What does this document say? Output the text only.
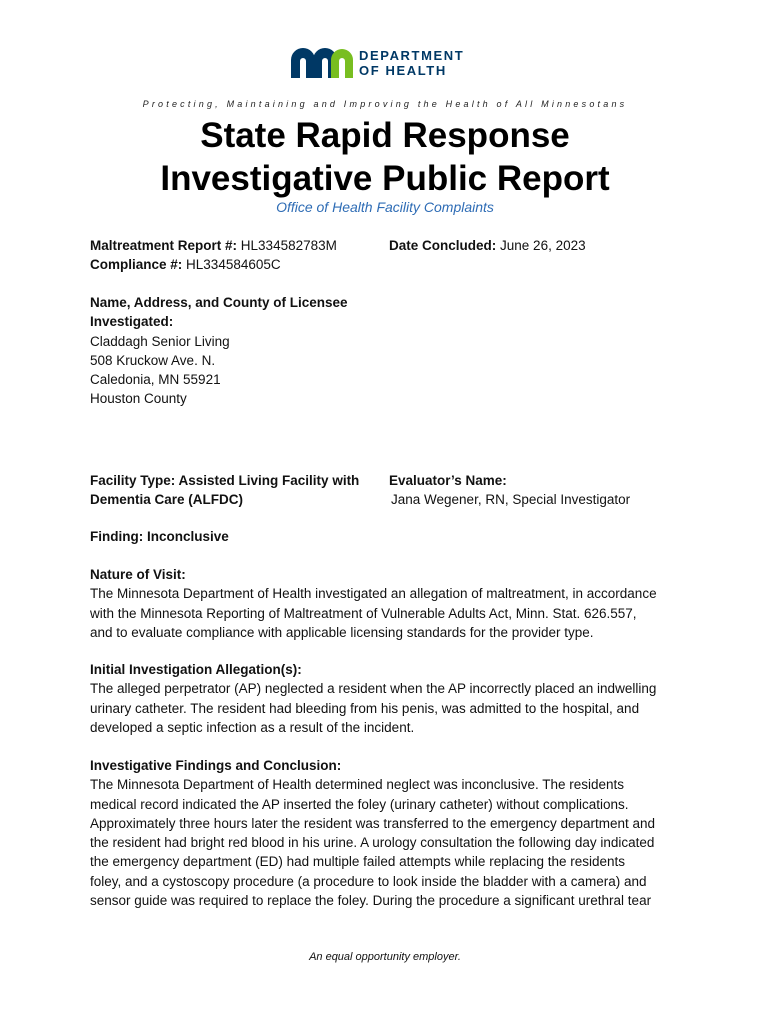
DEPARTMENT
OF HEALTH
Protecting, Maintaining and Improving the Health of All Minnesotans
State Rapid Response
Investigative Public Report
Office of Health Facility Complaints
Maltreatment Report #: HL334582783M
Compliance #: HL334584605C
Date Concluded: June 26, 2023
Name, Address, and County of Licensee
Investigated:
Claddagh Senior Living
508 Kruckow Ave. N.
Caledonia, MN 55921
Houston County
Facility Type: Assisted Living Facility with
Dementia Care (ALFDC)
Evaluator’s Name:
Jana Wegener, RN, Special Investigator
Finding: Inconclusive
Nature of Visit:
The Minnesota Department of Health investigated an allegation of maltreatment, in accordance
with the Minnesota Reporting of Maltreatment of Vulnerable Adults Act, Minn. Stat. 626.557,
and to evaluate compliance with applicable licensing standards for the provider type.
Initial Investigation Allegation(s):
The alleged perpetrator (AP) neglected a resident when the AP incorrectly placed an indwelling
urinary catheter. The resident had bleeding from his penis, was admitted to the hospital, and
developed a septic infection as a result of the incident.
Investigative Findings and Conclusion:
The Minnesota Department of Health determined neglect was inconclusive. The residents
medical record indicated the AP inserted the foley (urinary catheter) without complications.
Approximately three hours later the resident was transferred to the emergency department and
the resident had bright red blood in his urine. A urology consultation the following day indicated
the emergency department (ED) had multiple failed attempts while replacing the residents
foley, and a cystoscopy procedure (a procedure to look inside the bladder with a camera) and
sensor guide was required to replace the foley. During the procedure a significant urethral tear
An equal opportunity employer.
